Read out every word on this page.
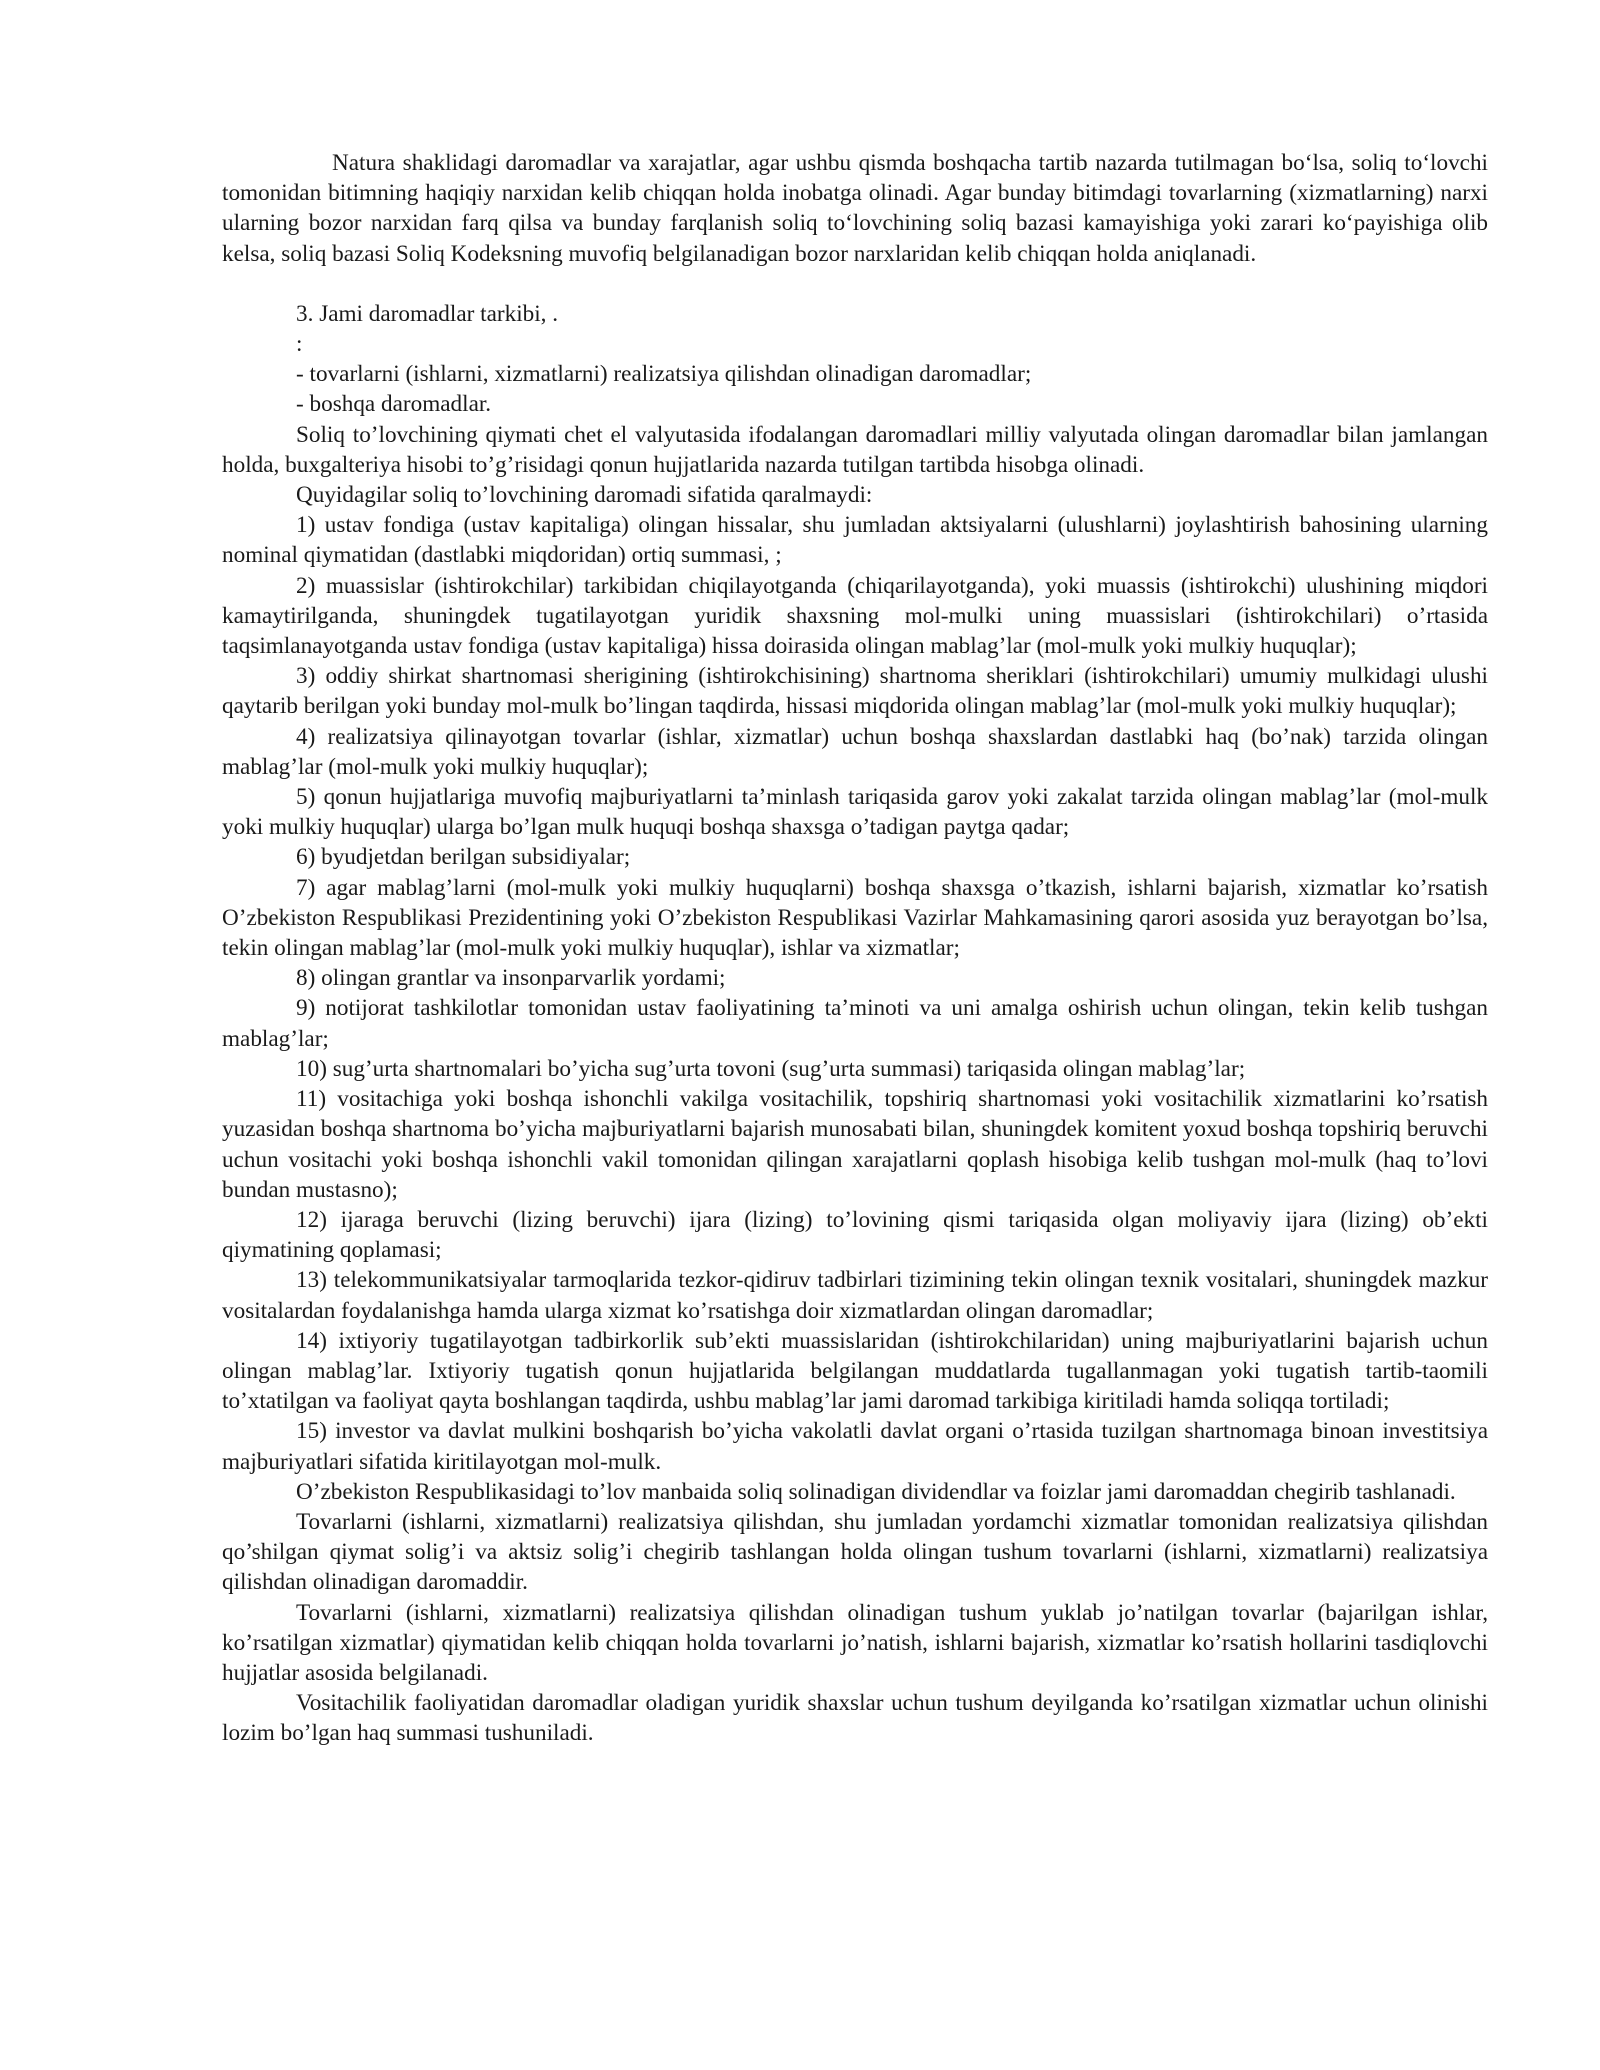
Natura shaklidagi daromadlar va xarajatlar, agar ushbu qismda boshqacha tartib nazarda tutilmagan bo‘lsa, soliq to‘lovchi tomonidan bitimning haqiqiy narxidan kelib chiqqan holda inobatga olinadi. Agar bunday bitimdagi tovarlarning (xizmatlarning) narxi ularning bozor narxidan farq qilsa va bunday farqlanish soliq to‘lovchining soliq bazasi kamayishiga yoki zarari ko‘payishiga olib kelsa, soliq bazasi Soliq Kodeksning muvofiq belgilanadigan bozor narxlaridan kelib chiqqan holda aniqlanadi.

3. Jami daromadlar tarkibi, .

:

- tovarlarni (ishlarni, xizmatlarni) realizatsiya qilishdan olinadigan daromadlar;

- boshqa daromadlar.

Soliq to’lovchining qiymati chet el valyutasida ifodalangan daromadlari milliy valyutada olingan daromadlar bilan jamlangan holda, buxgalteriya hisobi to’g’risidagi qonun hujjatlarida nazarda tutilgan tartibda hisobga olinadi.

Quyidagilar soliq to’lovchining daromadi sifatida qaralmaydi:

1) ustav fondiga (ustav kapitaliga) olingan hissalar, shu jumladan aktsiyalarni (ulushlarni) joylashtirish bahosining ularning nominal qiymatidan (dastlabki miqdoridan) ortiq summasi, ;

2) muassislar (ishtirokchilar) tarkibidan chiqilayotganda (chiqarilayotganda), yoki muassis (ishtirokchi) ulushining miqdori kamaytirilganda, shuningdek tugatilayotgan yuridik shaxsning mol-mulki uning muassislari (ishtirokchilari) o’rtasida taqsimlanayotganda ustav fondiga (ustav kapitaliga) hissa doirasida olingan mablag’lar (mol-mulk yoki mulkiy huquqlar);

3) oddiy shirkat shartnomasi sherigining (ishtirokchisining) shartnoma sheriklari (ishtirokchilari) umumiy mulkidagi ulushi qaytarib berilgan yoki bunday mol-mulk bo’lingan taqdirda, hissasi miqdorida olingan mablag’lar (mol-mulk yoki mulkiy huquqlar);

4) realizatsiya qilinayotgan tovarlar (ishlar, xizmatlar) uchun boshqa shaxslardan dastlabki haq (bo’nak) tarzida olingan mablag’lar (mol-mulk yoki mulkiy huquqlar);

5) qonun hujjatlariga muvofiq majburiyatlarni ta’minlash tariqasida garov yoki zakalat tarzida olingan mablag’lar (mol-mulk yoki mulkiy huquqlar) ularga bo’lgan mulk huquqi boshqa shaxsga o’tadigan paytga qadar;

6) byudjetdan berilgan subsidiyalar;

7) agar mablag’larni (mol-mulk yoki mulkiy huquqlarni) boshqa shaxsga o’tkazish, ishlarni bajarish, xizmatlar ko’rsatish O’zbekiston Respublikasi Prezidentining yoki O’zbekiston Respublikasi Vazirlar Mahkamasining qarori asosida yuz berayotgan bo’lsa, tekin olingan mablag’lar (mol-mulk yoki mulkiy huquqlar), ishlar va xizmatlar;

8) olingan grantlar va insonparvarlik yordami;

9) notijorat tashkilotlar tomonidan ustav faoliyatining ta’minoti va uni amalga oshirish uchun olingan, tekin kelib tushgan mablag’lar;

10) sug’urta shartnomalari bo’yicha sug’urta tovoni (sug’urta summasi) tariqasida olingan mablag’lar;

11) vositachiga yoki boshqa ishonchli vakilga vositachilik, topshiriq shartnomasi yoki vositachilik xizmatlarini ko’rsatish yuzasidan boshqa shartnoma bo’yicha majburiyatlarni bajarish munosabati bilan, shuningdek komitent yoxud boshqa topshiriq beruvchi uchun vositachi yoki boshqa ishonchli vakil tomonidan qilingan xarajatlarni qoplash hisobiga kelib tushgan mol-mulk (haq to’lovi bundan mustasno);

12) ijaraga beruvchi (lizing beruvchi) ijara (lizing) to’lovining qismi tariqasida olgan moliyaviy ijara (lizing) ob’ekti qiymatining qoplamasi;

13) telekommunikatsiyalar tarmoqlarida tezkor-qidiruv tadbirlari tizimining tekin olingan texnik vositalari, shuningdek mazkur vositalardan foydalanishga hamda ularga xizmat ko’rsatishga doir xizmatlardan olingan daromadlar;

14) ixtiyoriy tugatilayotgan tadbirkorlik sub’ekti muassislaridan (ishtirokchilaridan) uning majburiyatlarini bajarish uchun olingan mablag’lar. Ixtiyoriy tugatish qonun hujjatlarida belgilangan muddatlarda tugallanmagan yoki tugatish tartib-taomili to’xtatilgan va faoliyat qayta boshlangan taqdirda, ushbu mablag’lar jami daromad tarkibiga kiritiladi hamda soliqqa tortiladi;

15) investor va davlat mulkini boshqarish bo’yicha vakolatli davlat organi o’rtasida tuzilgan shartnomaga binoan investitsiya majburiyatlari sifatida kiritilayotgan mol-mulk.

O’zbekiston Respublikasidagi to’lov manbaida soliq solinadigan dividendlar va foizlar jami daromaddan chegirib tashlanadi.

Tovarlarni (ishlarni, xizmatlarni) realizatsiya qilishdan, shu jumladan yordamchi xizmatlar tomonidan realizatsiya qilishdan qo’shilgan qiymat solig’i va aktsiz solig’i chegirib tashlangan holda olingan tushum tovarlarni (ishlarni, xizmatlarni) realizatsiya qilishdan olinadigan daromaddir.

Tovarlarni (ishlarni, xizmatlarni) realizatsiya qilishdan olinadigan tushum yuklab jo’natilgan tovarlar (bajarilgan ishlar, ko’rsatilgan xizmatlar) qiymatidan kelib chiqqan holda tovarlarni jo’natish, ishlarni bajarish, xizmatlar ko’rsatish hollarini tasdiqlovchi hujjatlar asosida belgilanadi.

Vositachilik faoliyatidan daromadlar oladigan yuridik shaxslar uchun tushum deyilganda ko’rsatilgan xizmatlar uchun olinishi lozim bo’lgan haq summasi tushuniladi.
